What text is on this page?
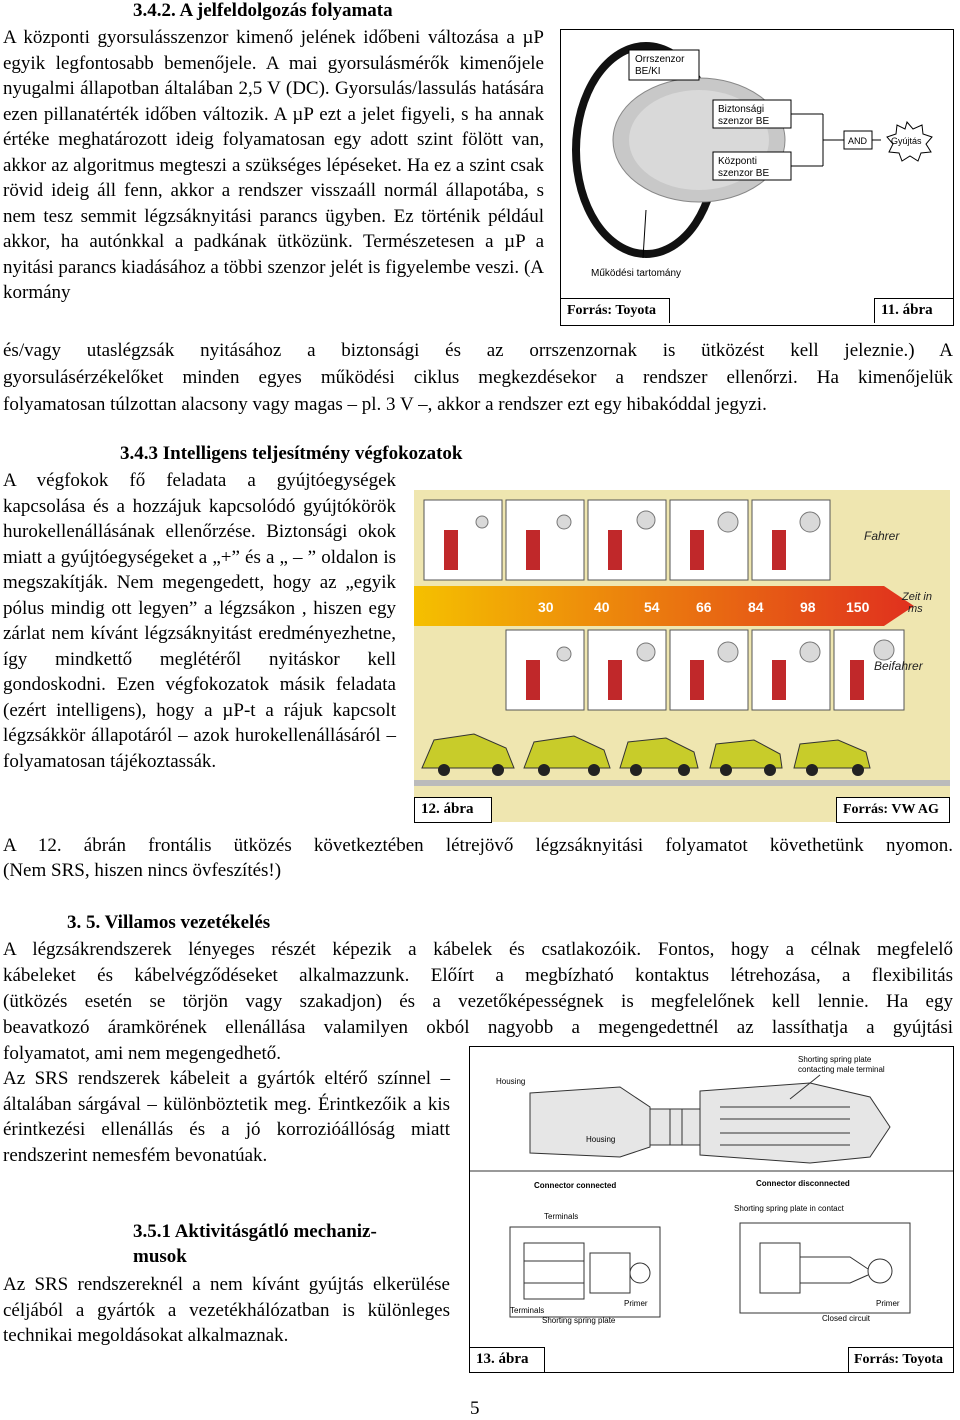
3.4.2. A jelfeldolgozás folyamata
A központi gyorsulásszenzor kimenő jelének időbeni változása a µP egyik legfontosabb bemenőjele. A mai gyorsulásmérők kimenőjele nyugalmi állapotban általában 2,5 V (DC). Gyorsulás/lassulás hatására ezen pillanatérték időben változik. A µP ezt a jelet figyeli, s ha annak értéke meghatározott ideig folyamatosan egy adott szint fölött van, akkor az algoritmus megteszi a szükséges lépéseket. Ha ez a szint csak rövid ideig áll fenn, akkor a rendszer visszaáll normál állapotába, s nem tesz semmit légzsáknyitási parancs ügyben. Ez történik például akkor, ha autónkkal a padkának ütközünk. Természetesen a µP a nyitási parancs kiadásához a többi szenzor jelét is figyelembe veszi. (A kormány
és/vagy utaslégzsák nyitásához a biztonsági és az orrszenzornak is ütközést kell jeleznie.) A
gyorsulásérzékelőket minden egyes működési ciklus megkezdésekor a rendszer ellenőrzi. Ha kimenőjelük
folyamatosan túlzottan alacsony vagy magas – pl. 3 V –, akkor a rendszer ezt egy hibakóddal jegyzi.
Orrszenzor
BE/KI
Biztonsági
szenzor BE
Központi
szenzor BE
AND	Gyújtás
Működési tartomány
Forrás: Toyota	11. ábra
3.4.3 Intelligens teljesítmény végfokozatok
A végfokok fő feladata a gyújtóegységek kapcsolása és a hozzájuk kapcsolódó gyújtókörök hurokellenállásának ellenőrzése. Biztonsági okok miatt a gyújtóegységeket a „+” és a „ – ” oldalon is megszakítják. Nem megengedett, hogy az „egyik pólus mindig ott legyen” a légzsákon , hiszen egy zárlat nem kívánt légzsáknyitást eredményezhetne, így mindkettő meglétéről nyitáskor kell gondoskodni. Ezen végfokozatok másik feladata (ezért intelligens), hogy a µP-t a rájuk kapcsolt légzsákkör állapotáról – azok hurokellenállásáról – folyamatosan tájékoztassák.
A 12. ábrán frontális ütközés következtében létrejövő légzsáknyitási folyamatot követhetünk nyomon.
(Nem SRS, hiszen nincs övfeszítés!)
Fahrer
30	40 54	66	84	98 150
Zeit in
ms
Beifahrer
12. ábra	Forrás: VW AG
3. 5. Villamos vezetékelés
A légzsákrendszerek lényeges részét képezik a kábelek és csatlakozóik. Fontos, hogy a célnak megfelelő
kábeleket és kábelvégződéseket alkalmazzunk. Előírt a megbízható kontaktus létrehozása, a flexibilitás
(ütközés esetén se törjön vagy szakadjon) és a vezetőképességnek is megfelelőnek kell lennie. Ha egy
beavatkozó áramkörének ellenállása valamilyen okból nagyobb a megengedettnél az lassíthatja a gyújtási
folyamatot, ami nem megengedhető.
Az SRS rendszerek kábeleit a gyártók eltérő színnel – általában sárgával – különböztetik meg. Érintkezőik a kis érintkezési ellenállás és a jó korrozióállóság miatt rendszerint nemesfém bevonatúak.
3.5.1 Aktivitásgátló mechaniz-
musok
Az SRS rendszereknél a nem kívánt gyújtás elkerülése céljából a gyártók a vezetékhálózatban is különleges technikai megoldásokat alkalmaznak.
Shorting spring plate
contacting male terminal
Housing
Housing
Connector connected	Connector disconnected
Terminals
Shorting spring plate in contact
Terminals
Primer
Shorting spring plate
Primer
Closed circuit
13. ábra	Forrás: Toyota
5
